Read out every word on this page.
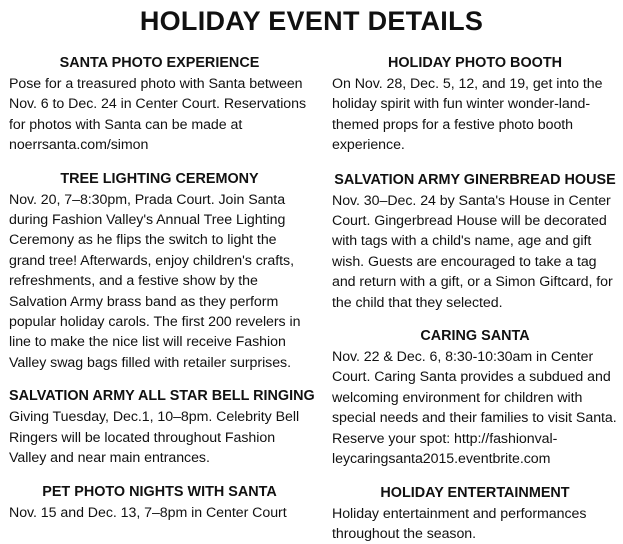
HOLIDAY EVENT DETAILS
SANTA PHOTO EXPERIENCE
Pose for a treasured photo with Santa between Nov. 6 to Dec. 24 in Center Court. Reservations for photos with Santa can be made at noerrsanta.com/simon
TREE LIGHTING CEREMONY
Nov. 20, 7–8:30pm, Prada Court. Join Santa during Fashion Valley's Annual Tree Lighting Ceremony as he flips the switch to light the grand tree! Afterwards, enjoy children's crafts, refreshments, and a festive show by the Salvation Army brass band as they perform popular holiday carols. The first 200 revelers in line to make the nice list will receive Fashion Valley swag bags filled with retailer surprises.
SALVATION ARMY ALL STAR BELL RINGING
Giving Tuesday, Dec.1, 10–8pm. Celebrity Bell Ringers will be located throughout Fashion Valley and near main entrances.
PET PHOTO NIGHTS WITH SANTA
Nov. 15 and Dec. 13, 7–8pm in Center Court
HOLIDAY PHOTO BOOTH
On Nov. 28, Dec. 5, 12, and 19, get into the holiday spirit with fun winter wonder-land-themed props for a festive photo booth experience.
SALVATION ARMY GINERBREAD HOUSE
Nov. 30–Dec. 24 by Santa's House in Center Court. Gingerbread House will be decorated with tags with a child's name, age and gift wish. Guests are encouraged to take a tag and return with a gift, or a Simon Giftcard, for the child that they selected.
CARING SANTA
Nov. 22 & Dec. 6, 8:30-10:30am in Center Court. Caring Santa provides a subdued and welcoming environment for children with special needs and their families to visit Santa. Reserve your spot: http://fashionval-leycaringsanta2015.eventbrite.com
HOLIDAY ENTERTAINMENT
Holiday entertainment and performances throughout the season.
